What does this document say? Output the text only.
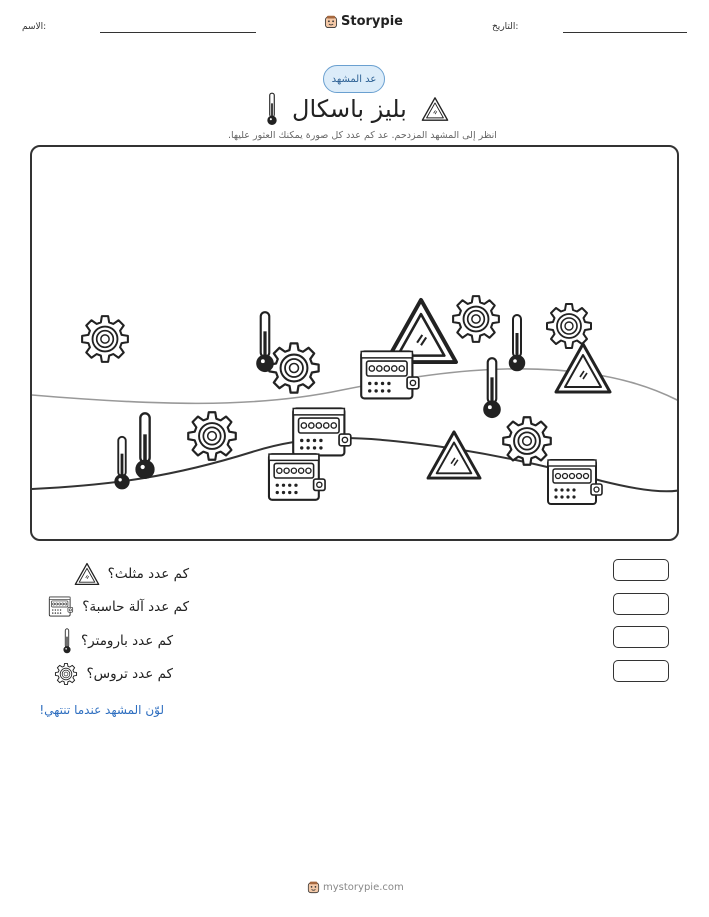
الاسم:	Storypie	التاريخ:
عد المشهد
بليز باسكال
انظر إلى المشهد المزدحم. عد كم عدد كل صورة يمكنك العثور عليها.
كم عدد مثلث؟
كم عدد آلة حاسبة؟
كم عدد بارومتر؟
كم عدد تروس؟
لوّن المشهد عندما تنتهي!
mystorypie.com
